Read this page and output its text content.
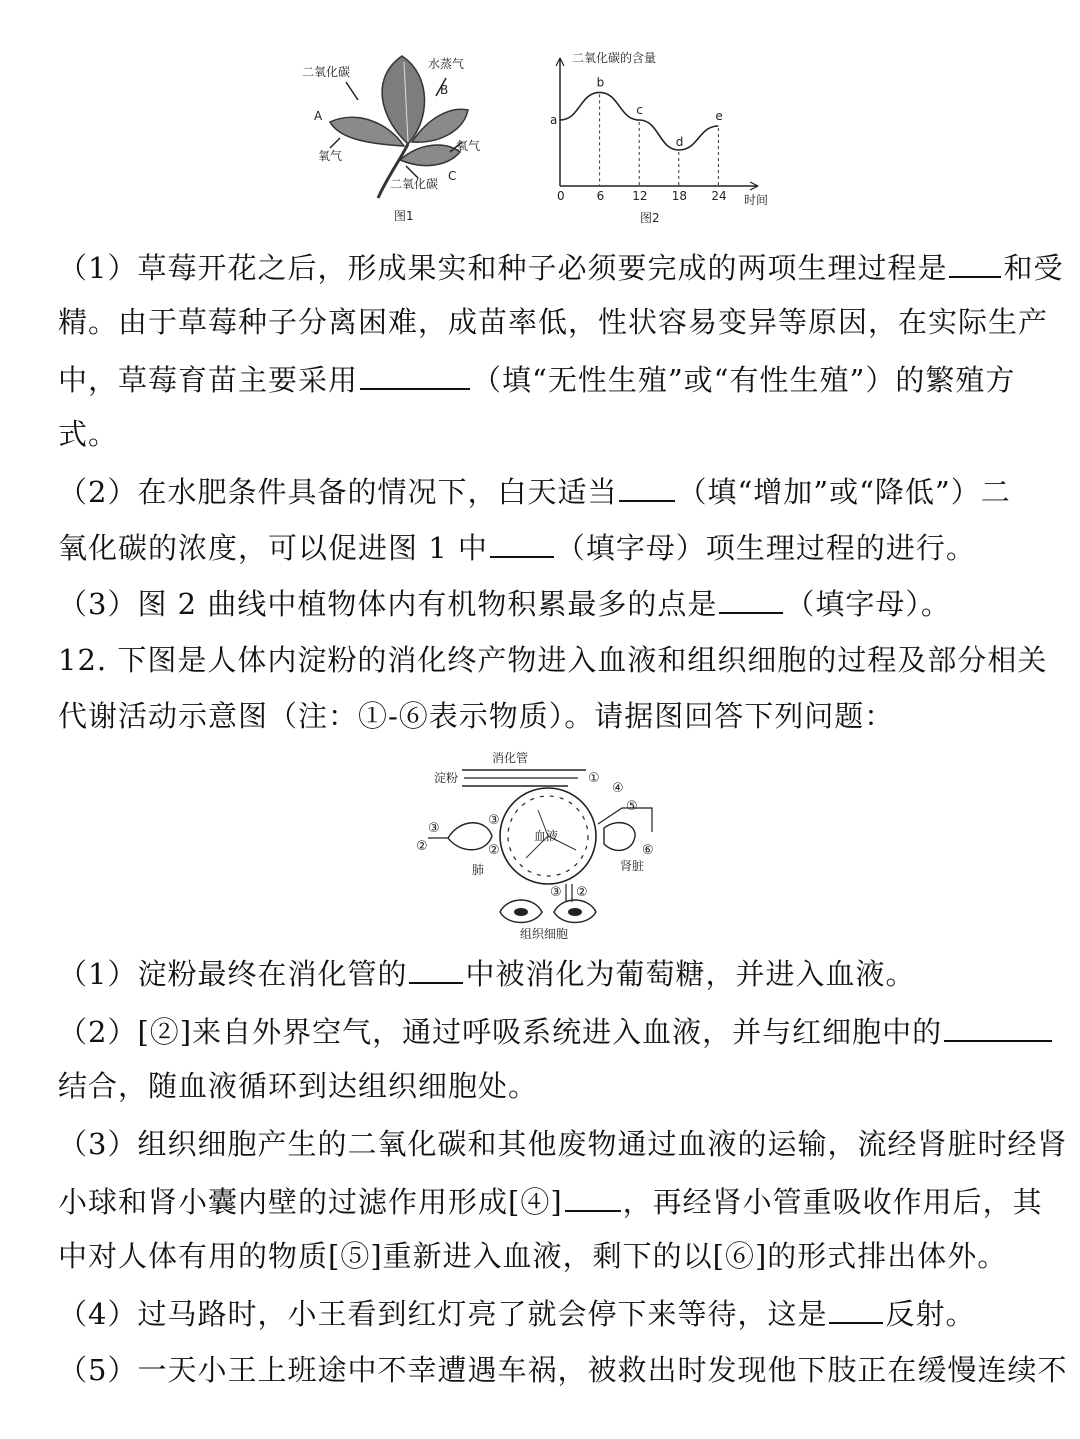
二氧化碳
水蒸气
B
A
氧气
氧气
二氧化碳
C
图1
二氧化碳的含量
a
b
c
d
e
0	6 12 18 24 时间
图2
（1）草莓开花之后，形成果实和种子必须要完成的两项生理过程是 和受
精。由于草莓种子分离困难，成苗率低，性状容易变异等原因，在实际生产
中，草莓育苗主要采用	（填“无性生殖”或“有性生殖”）的繁殖方
式。
（2）在水肥条件具备的情况下，白天适当 （填“增加”或“降低”）二
氧化碳的浓度，可以促进图 1 中 （填字母）项生理过程的进行。
（3）图 2 曲线中植物体内有机物积累最多的点是 （填字母）。
12. 下图是人体内淀粉的消化终产物进入血液和组织细胞的过程及部分相关
代谢活动示意图（注：①-⑥表示物质）。请据图回答下列问题：
消化管
淀粉	①
血液
③
②
③
②
肺
④
⑤
⑥
肾脏
③ ②
组织细胞
（1）淀粉最终在消化管的 中被消化为葡萄糖，并进入血液。
（2）[②]来自外界空气，通过呼吸系统进入血液，并与红细胞中的
结合，随血液循环到达组织细胞处。
（3）组织细胞产生的二氧化碳和其他废物通过血液的运输，流经肾脏时经肾
小球和肾小囊内壁的过滤作用形成[④] ，再经肾小管重吸收作用后，其
中对人体有用的物质[⑤]重新进入血液，剩下的以[⑥]的形式排出体外。
（4）过马路时，小王看到红灯亮了就会停下来等待，这是 反射。
（5）一天小王上班途中不幸遭遇车祸，被救出时发现他下肢正在缓慢连续不
